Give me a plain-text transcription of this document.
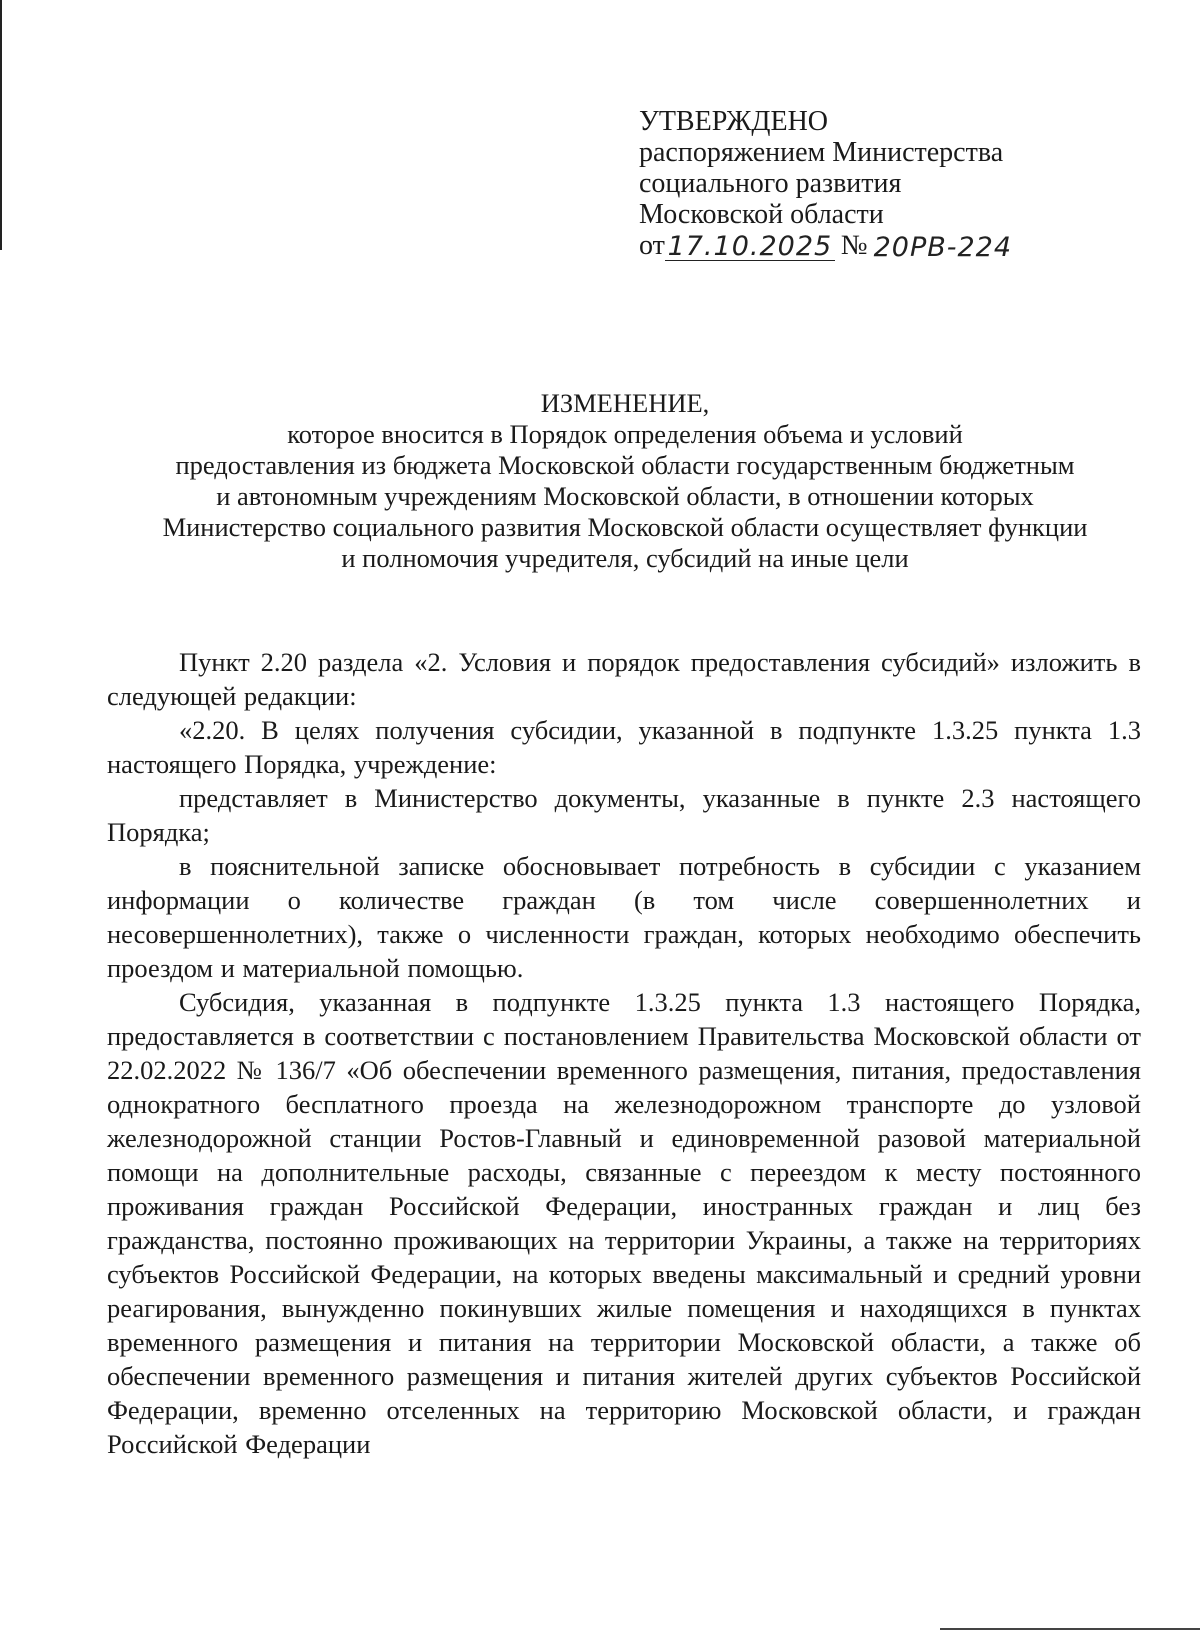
УТВЕРЖДЕНО
распоряжением Министерства
социального развития
Московской области
от 17.10.2025 № 20РВ-224
ИЗМЕНЕНИЕ,
которое вносится в Порядок определения объема и условий
предоставления из бюджета Московской области государственным бюджетным
и автономным учреждениям Московской области, в отношении которых
Министерство социального развития Московской области осуществляет функции
и полномочия учредителя, субсидий на иные цели

Пункт 2.20 раздела «2. Условия и порядок предоставления субсидий» изложить в следующей редакции:

«2.20. В целях получения субсидии, указанной в подпункте 1.3.25 пункта 1.3 настоящего Порядка, учреждение:

представляет в Министерство документы, указанные в пункте 2.3 настоящего Порядка;

в пояснительной записке обосновывает потребность в субсидии с указанием информации о количестве граждан (в том числе совершеннолетних и несовершеннолетних), также о численности граждан, которых необходимо обеспечить проездом и материальной помощью.

Субсидия, указанная в подпункте 1.3.25 пункта 1.3 настоящего Порядка, предоставляется в соответствии с постановлением Правительства Московской области от 22.02.2022 № 136/7 «Об обеспечении временного размещения, питания, предоставления однократного бесплатного проезда на железнодорожном транспорте до узловой железнодорожной станции Ростов-Главный и единовременной разовой материальной помощи на дополнительные расходы, связанные с переездом к месту постоянного проживания граждан Российской Федерации, иностранных граждан и лиц без гражданства, постоянно проживающих на территории Украины, а также на территориях субъектов Российской Федерации, на которых введены максимальный и средний уровни реагирования, вынужденно покинувших жилые помещения и находящихся в пунктах временного размещения и питания на территории Московской области, а также об обеспечении временного размещения и питания жителей других субъектов Российской Федерации, временно отселенных на территорию Московской области, и граждан Российской Федерации
